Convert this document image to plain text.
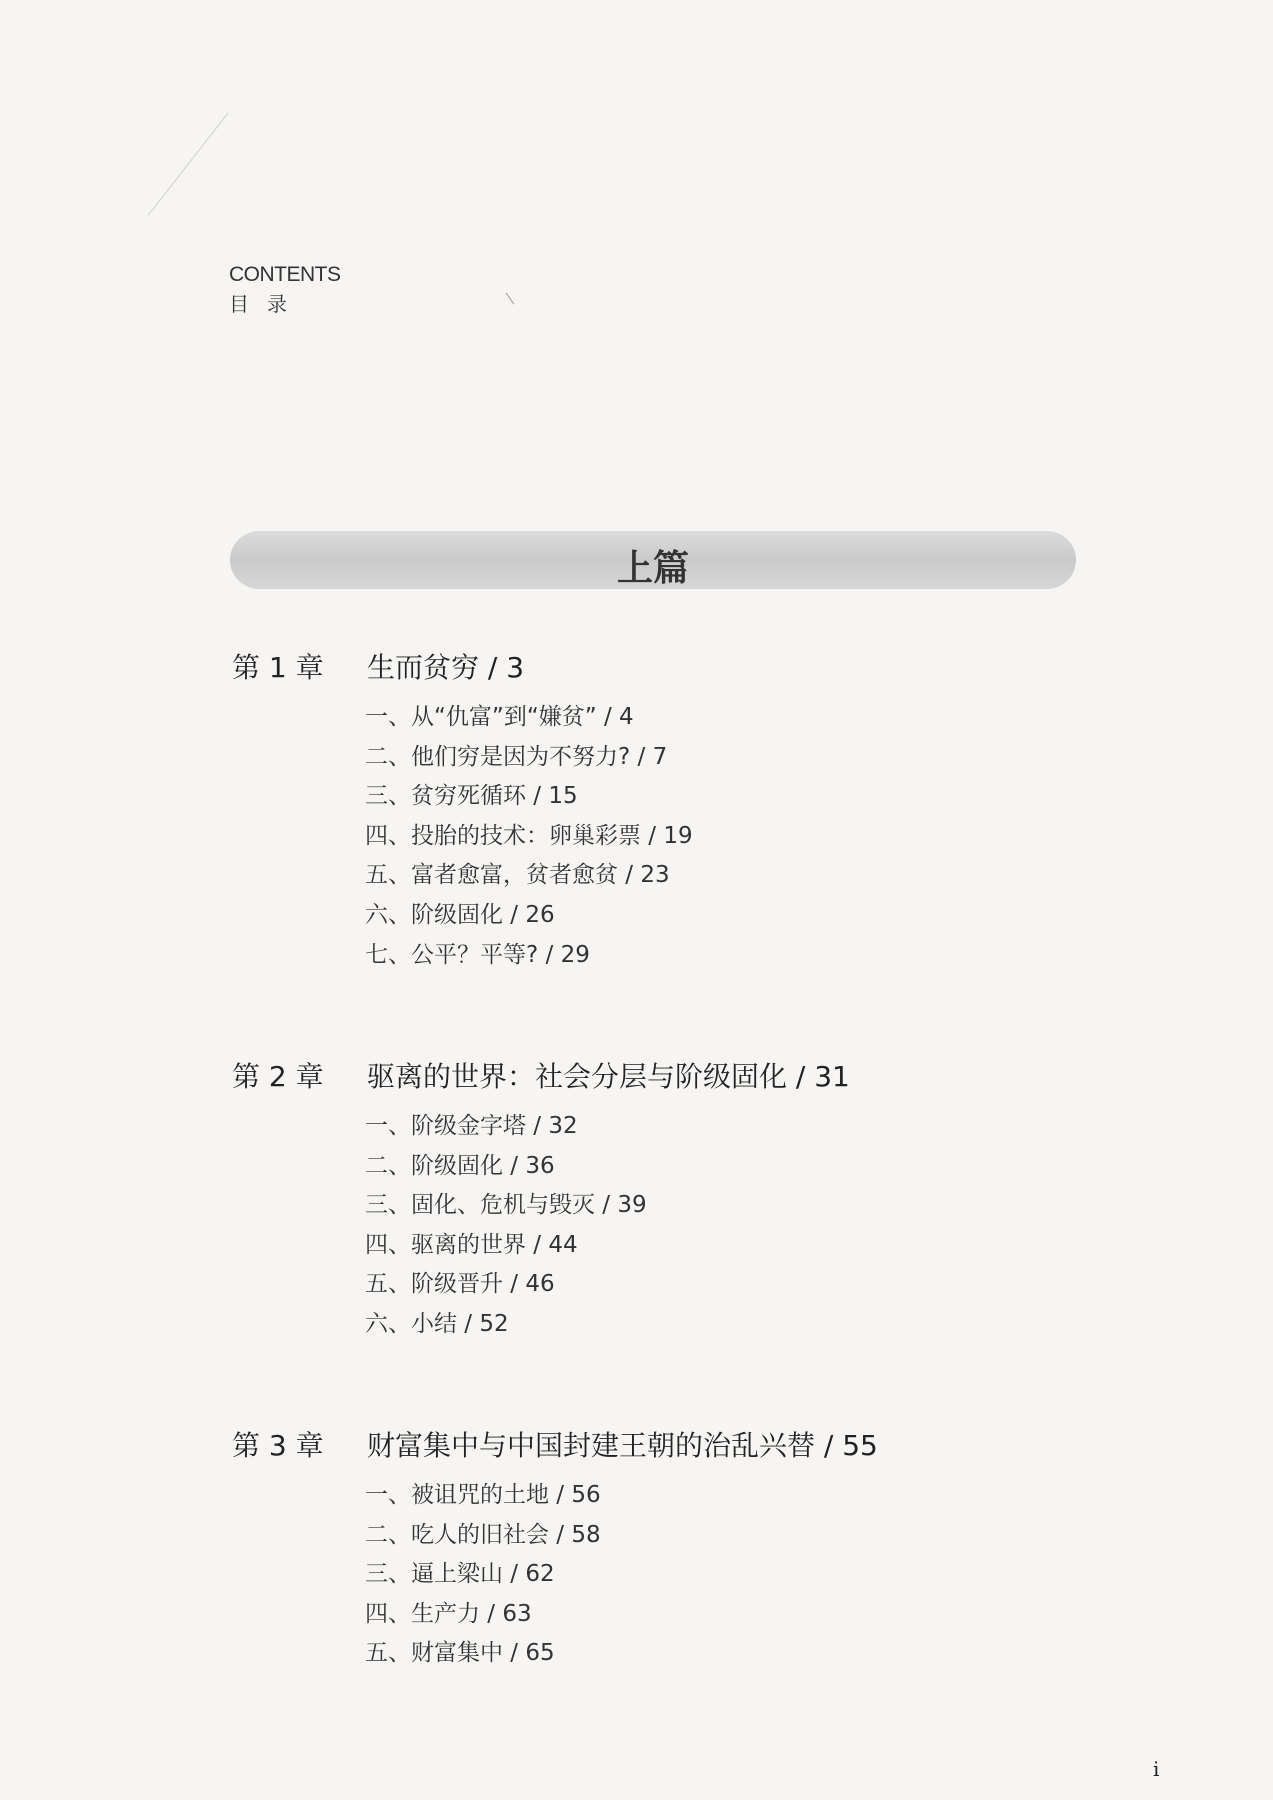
CONTENTS
目录
上篇
第 1 章 生而贫穷 / 3
一、从“仇富”到“嫌贫” / 4
二、他们穷是因为不努力? / 7
三、贫穷死循环 / 15
四、投胎的技术：卵巢彩票 / 19
五、富者愈富，贫者愈贫 / 23
六、阶级固化 / 26
七、公平？平等? / 29
第 2 章 驱离的世界：社会分层与阶级固化 / 31
一、阶级金字塔 / 32
二、阶级固化 / 36
三、固化、危机与毁灭 / 39
四、驱离的世界 / 44
五、阶级晋升 / 46
六、小结 / 52
第 3 章 财富集中与中国封建王朝的治乱兴替 / 55
一、被诅咒的土地 / 56
二、吃人的旧社会 / 58
三、逼上梁山 / 62
四、生产力 / 63
五、财富集中 / 65
i
